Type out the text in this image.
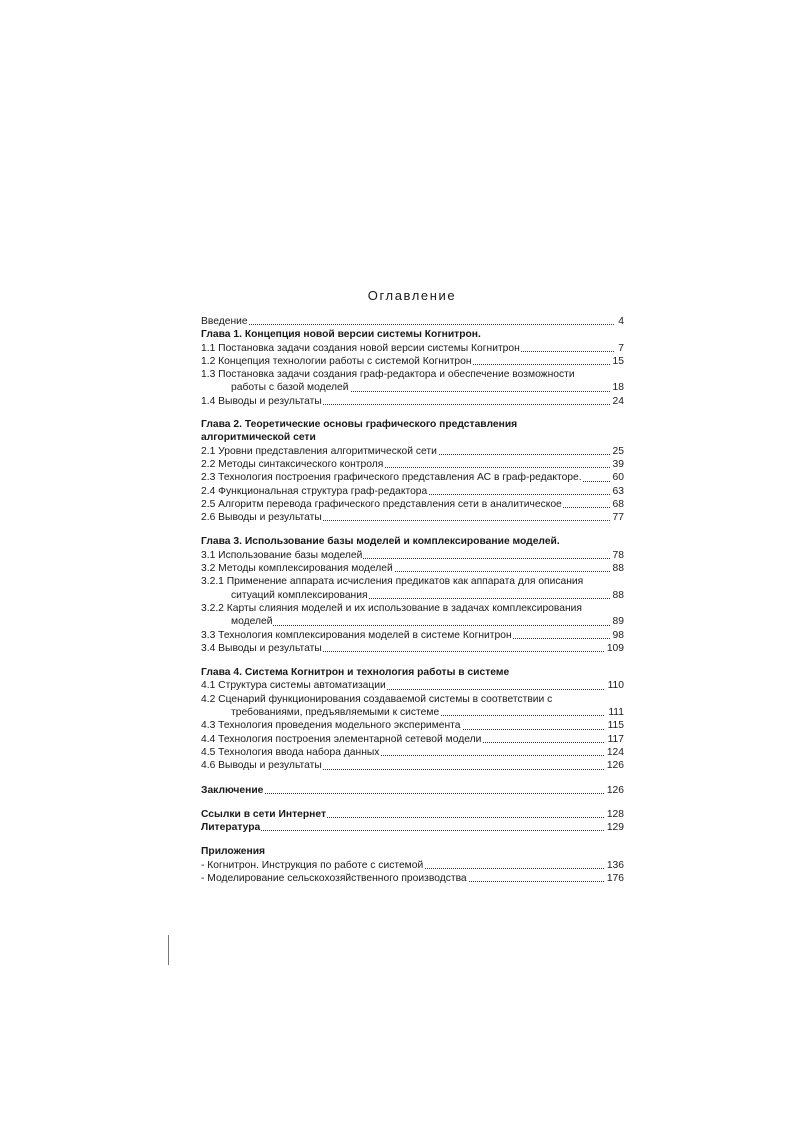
Оглавление
Введение	4
Глава 1. Концепция новой версии системы Когнитрон.
1.1 Постановка задачи создания новой версии системы Когнитрон	7
1.2 Концепция технологии работы с системой Когнитрон	15
1.3 Постановка задачи создания граф-редактора и обеспечение возможности
работы с базой моделей	18
1.4 Выводы и результаты	24
Глава 2. Теоретические основы графического представления
алгоритмической сети
2.1 Уровни представления алгоритмической сети	25
2.2 Методы синтаксического контроля	39
2.3 Технология построения графического представления АС в граф-редакторе.	60
2.4 Функциональная структура граф-редактора	63
2.5 Алгоритм перевода графического представления сети в аналитическое	68
2.6 Выводы и результаты	77
Глава 3. Использование базы моделей и комплексирование моделей.
3.1 Использование базы моделей	78
3.2 Методы комплексирования моделей	88
3.2.1 Применение аппарата исчисления предикатов как аппарата для описания
ситуаций комплексирования	88
3.2.2 Карты слияния моделей и их использование в задачах комплексирования
моделей	89
3.3 Технология комплексирования моделей в системе Когнитрон	98
3.4 Выводы и результаты	109
Глава 4. Система Когнитрон и технология работы в системе
4.1 Структура системы автоматизации	110
4.2 Сценарий функционирования создаваемой системы в соответствии с
требованиями, предъявляемыми к системе	111
4.3 Технология проведения модельного эксперимента	115
4.4 Технология построения элементарной сетевой модели	117
4.5 Технология ввода набора данных	124
4.6 Выводы и результаты	126
Заключение	126
Ссылки в сети Интернет	128
Литература	129
Приложения
- Когнитрон. Инструкция по работе с системой	136
- Моделирование сельскохозяйственного производства	176
